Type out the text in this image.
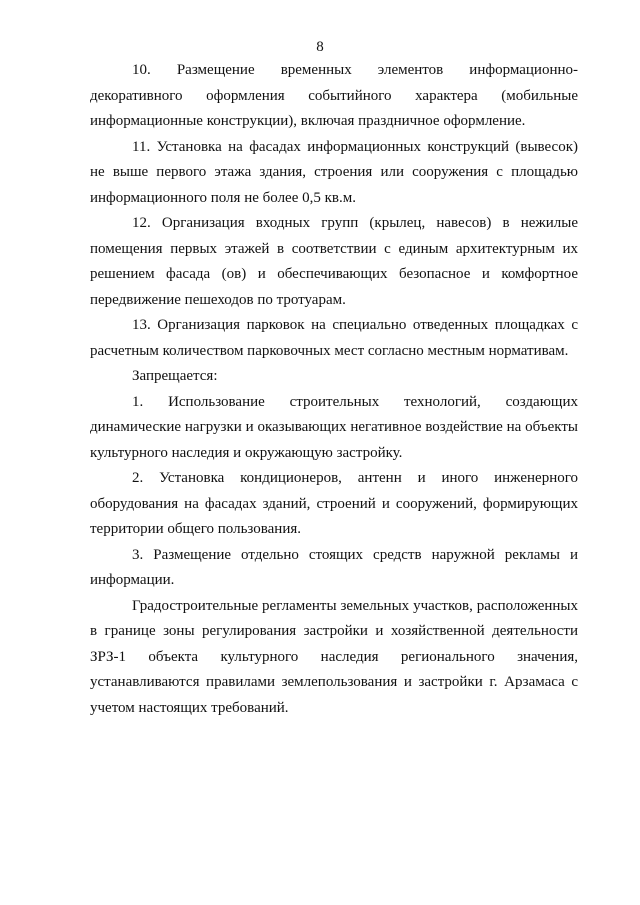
8

10. Размещение временных элементов информационно-декоративного оформления событийного характера (мобильные информационные конструкции), включая праздничное оформление.

11. Установка на фасадах информационных конструкций (вывесок) не выше первого этажа здания, строения или сооружения с площадью информационного поля не более 0,5 кв.м.

12. Организация входных групп (крылец, навесов) в нежилые помещения первых этажей в соответствии с единым архитектурным их решением фасада (ов) и обеспечивающих безопасное и комфортное передвижение пешеходов по тротуарам.

13. Организация парковок на специально отведенных площадках с расчетным количеством парковочных мест согласно местным нормативам.

Запрещается:

1. Использование строительных технологий, создающих динамические нагрузки и оказывающих негативное воздействие на объекты культурного наследия и окружающую застройку.

2. Установка кондиционеров, антенн и иного инженерного оборудования на фасадах зданий, строений и сооружений, формирующих территории общего пользования.

3. Размещение отдельно стоящих средств наружной рекламы и информации.

Градостроительные регламенты земельных участков, расположенных в границе зоны регулирования застройки и хозяйственной деятельности ЗРЗ-1 объекта культурного наследия регионального значения, устанавливаются правилами землепользования и застройки г. Арзамаса с учетом настоящих требований.
